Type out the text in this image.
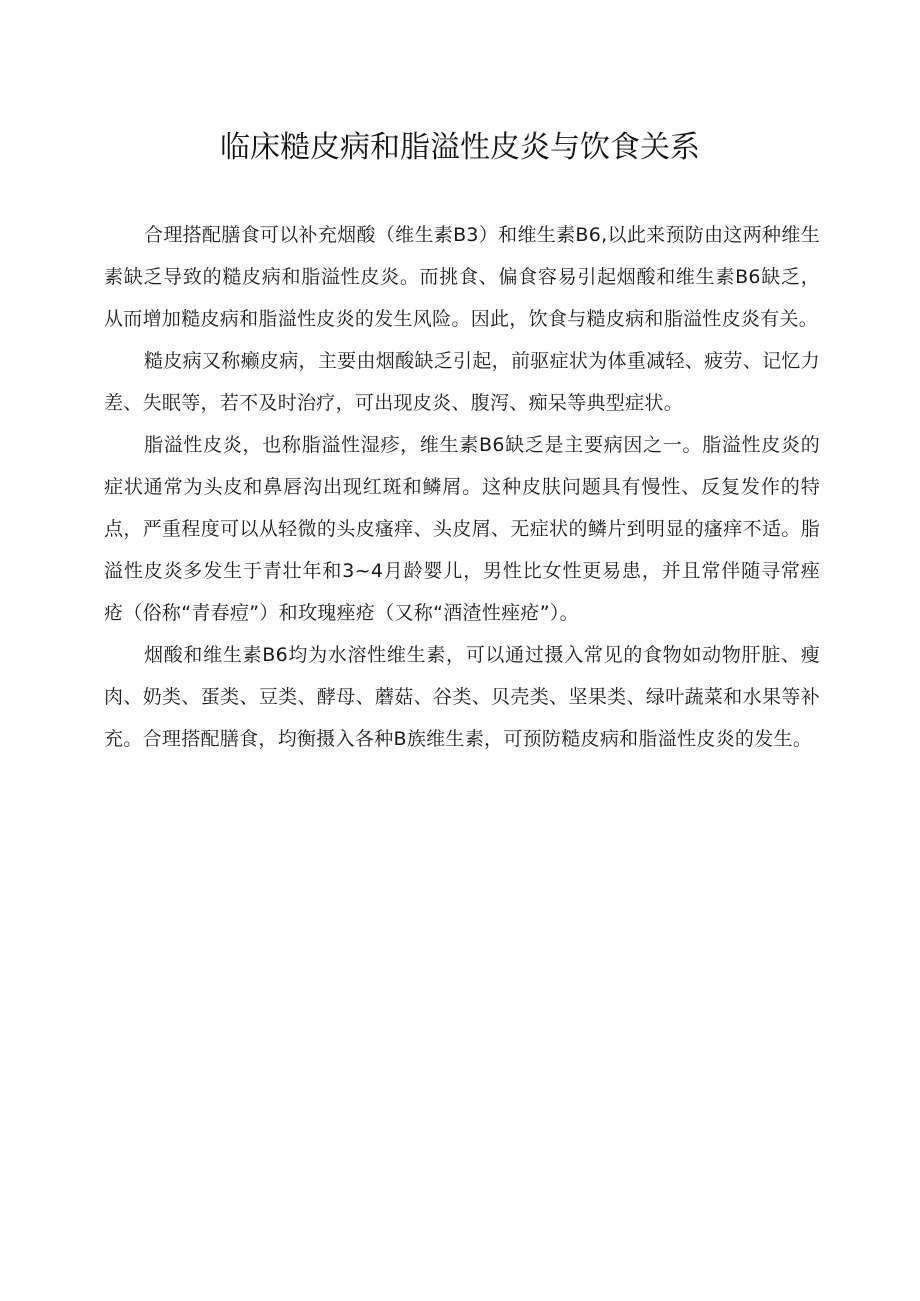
临床糙皮病和脂溢性皮炎与饮食关系

合理搭配膳食可以补充烟酸（维生素B3）和维生素B6,以此来预防由这两种维生素缺乏导致的糙皮病和脂溢性皮炎。而挑食、偏食容易引起烟酸和维生素B6缺乏，从而增加糙皮病和脂溢性皮炎的发生风险。因此，饮食与糙皮病和脂溢性皮炎有关。

糙皮病又称癞皮病，主要由烟酸缺乏引起，前驱症状为体重减轻、疲劳、记忆力差、失眠等，若不及时治疗，可出现皮炎、腹泻、痴呆等典型症状。

脂溢性皮炎，也称脂溢性湿疹，维生素B6缺乏是主要病因之一。脂溢性皮炎的症状通常为头皮和鼻唇沟出现红斑和鳞屑。这种皮肤问题具有慢性、反复发作的特点，严重程度可以从轻微的头皮瘙痒、头皮屑、无症状的鳞片到明显的瘙痒不适。脂溢性皮炎多发生于青壮年和3~4月龄婴儿，男性比女性更易患，并且常伴随寻常痤疮（俗称“青春痘”）和玫瑰痤疮（又称“酒渣性痤疮”）。

烟酸和维生素B6均为水溶性维生素，可以通过摄入常见的食物如动物肝脏、瘦肉、奶类、蛋类、豆类、酵母、蘑菇、谷类、贝壳类、坚果类、绿叶蔬菜和水果等补充。合理搭配膳食，均衡摄入各种B族维生素，可预防糙皮病和脂溢性皮炎的发生。
